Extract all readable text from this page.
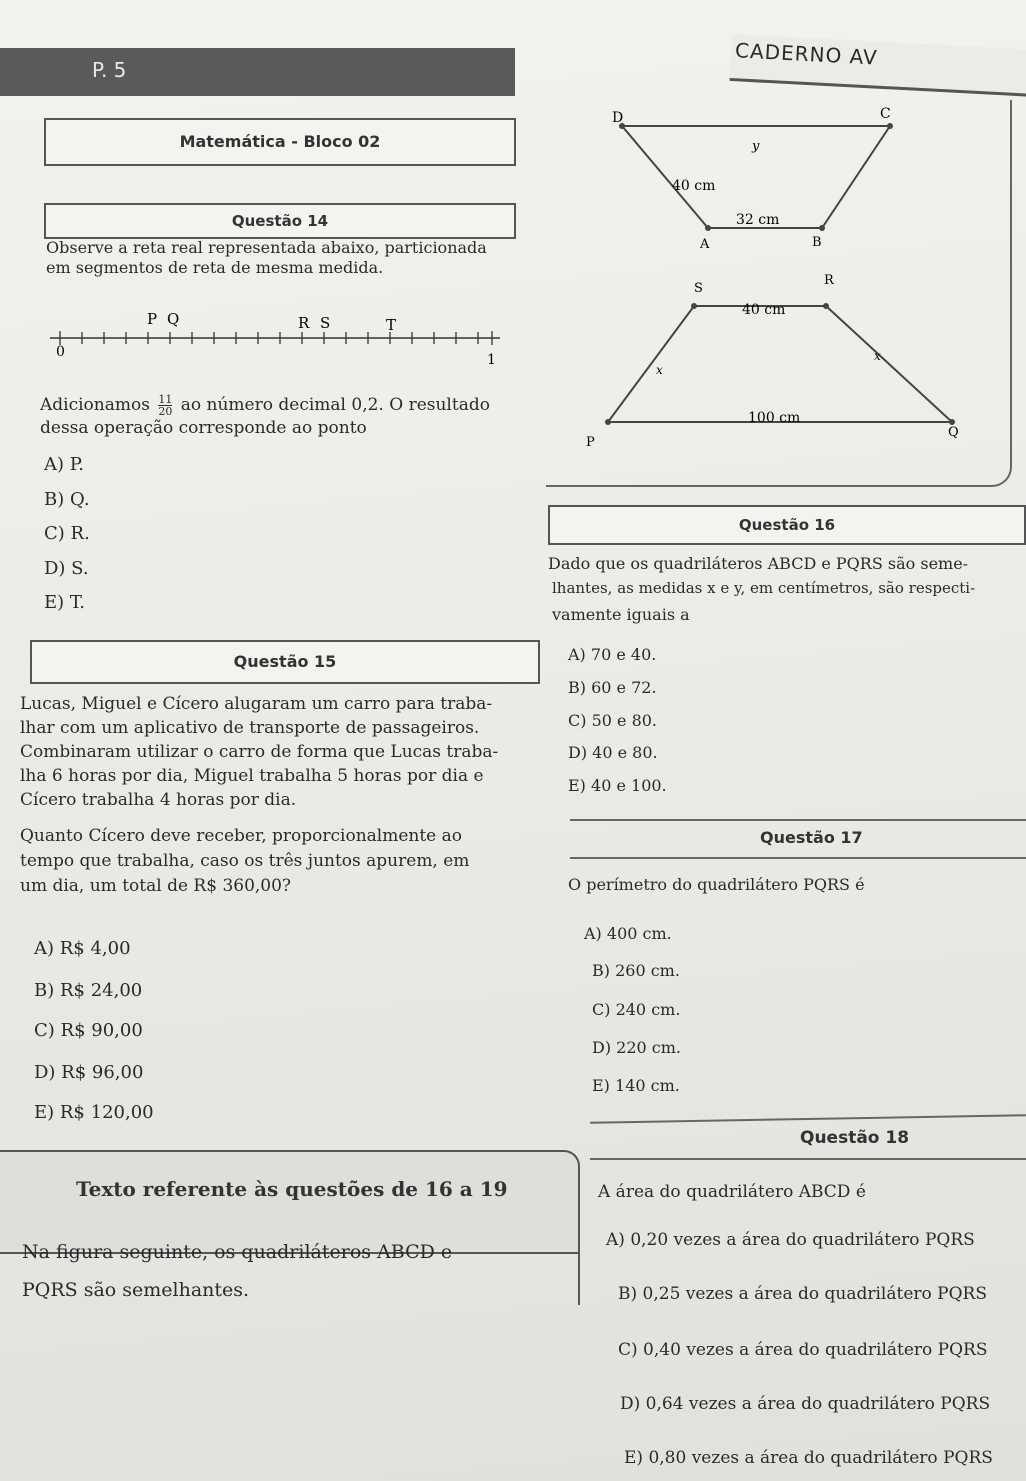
P. 5
CADERNO AV
Matemática - Bloco 02
Questão 14
Observe a reta real representada abaixo, particionada
em segmentos de reta de mesma medida.
0	1
P Q	R S	T
Adicionamos $\frac{11}{20}$ ao número decimal 0,2. O resultado
dessa operação corresponde ao ponto
A) P.
B) Q.
C) R.
D) S.
E) T.
D	C
A	B
y
40 cm
32 cm
S
R
P
Q
40 cm
x
x
100 cm
Questão 16
Dado que os quadriláteros ABCD e PQRS são seme-
lhantes, as medidas x e y, em centímetros, são respecti-
vamente iguais a
A) 70 e 40.
B) 60 e 72.
C) 50 e 80.
D) 40 e 80.
E) 40 e 100.
Questão 15
Lucas, Miguel e Cícero alugaram um carro para traba-
lhar com um aplicativo de transporte de passageiros.
Combinaram utilizar o carro de forma que Lucas traba-
lha 6 horas por dia, Miguel trabalha 5 horas por dia e
Cícero trabalha 4 horas por dia.
Quanto Cícero deve receber, proporcionalmente ao
tempo que trabalha, caso os três juntos apurem, em
um dia, um total de R$ 360,00?
A) R$ 4,00
B) R$ 24,00
C) R$ 90,00
D) R$ 96,00
E) R$ 120,00
Questão 17
O perímetro do quadrilátero PQRS é
A) 400 cm.
B) 260 cm.
C) 240 cm.
D) 220 cm.
E) 140 cm.
Questão 18
A área do quadrilátero ABCD é
A) 0,20 vezes a área do quadrilátero PQRS
B) 0,25 vezes a área do quadrilátero PQRS
C) 0,40 vezes a área do quadrilátero PQRS
D) 0,64 vezes a área do quadrilátero PQRS
E) 0,80 vezes a área do quadrilátero PQRS
Texto referente às questões de 16 a 19
Na figura seguinte, os quadriláteros ABCD e
PQRS são semelhantes.
